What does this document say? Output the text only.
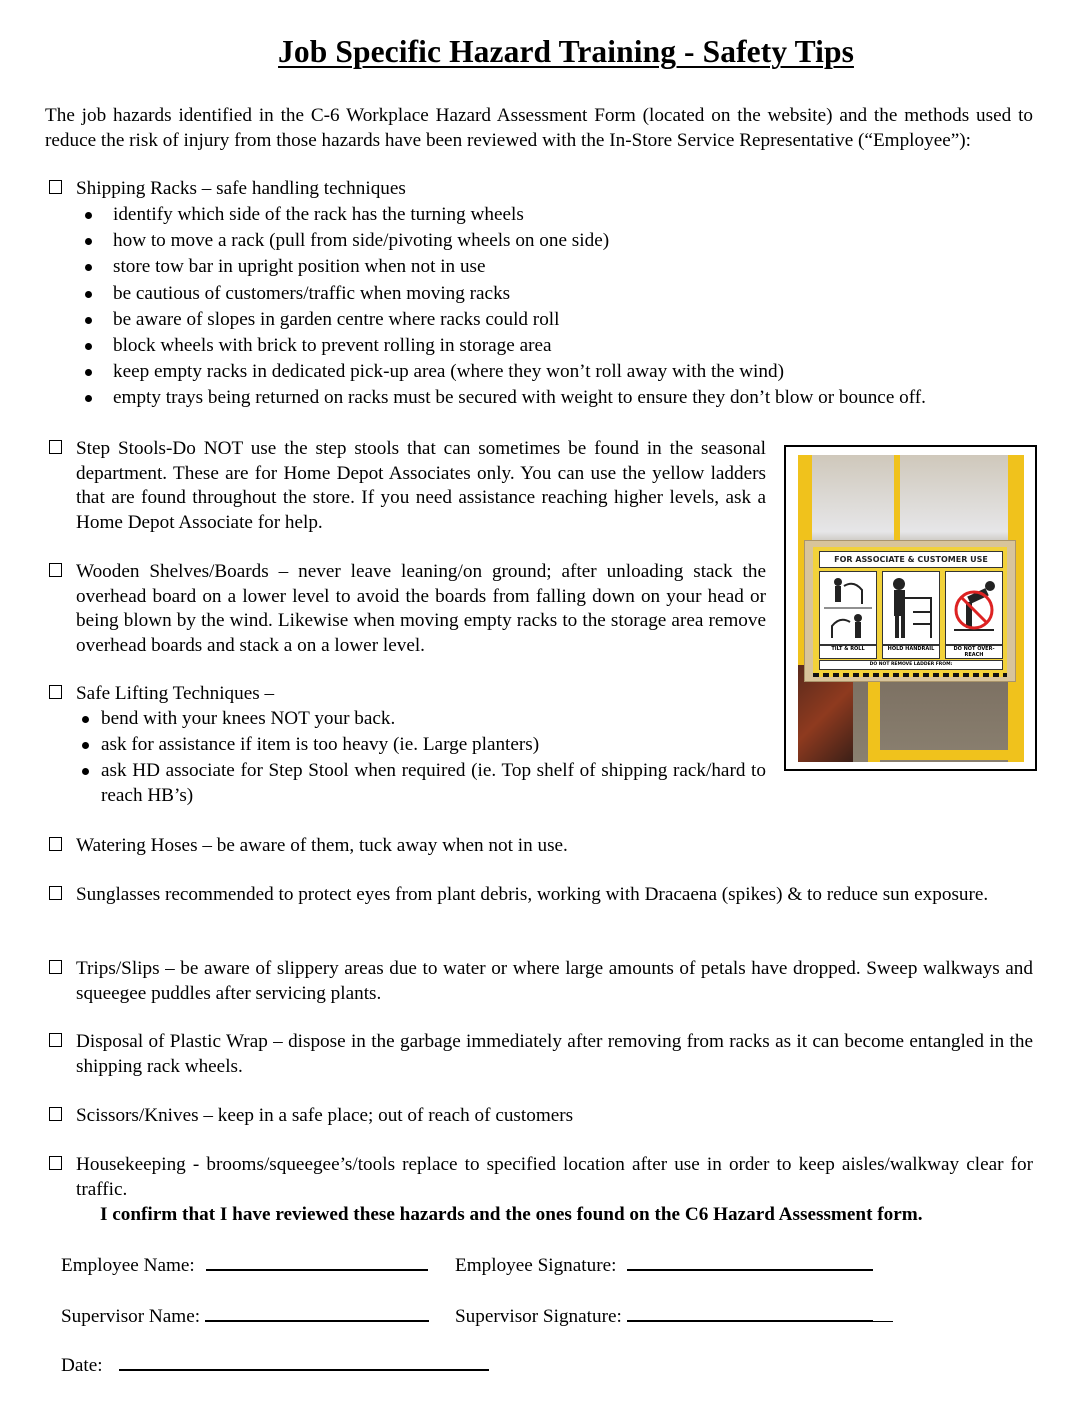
Job Specific Hazard Training - Safety Tips
The job hazards identified in the C-6 Workplace Hazard Assessment Form (located on the website) and the methods used to reduce the risk of injury from those hazards have been reviewed with the In-Store Service Representative (“Employee”):
Shipping Racks – safe handling techniques
identify which side of the rack has the turning wheels
how to move a rack (pull from side/pivoting wheels on one side)
store tow bar in upright position when not in use
be cautious of customers/traffic when moving racks
be aware of slopes in garden centre where racks could roll
block wheels with brick to prevent rolling in storage area
keep empty racks in dedicated pick-up area (where they won’t roll away with the wind)
empty trays being returned on racks must be secured with weight to ensure they don’t blow or bounce off.
Step Stools-Do NOT use the step stools that can sometimes be found in the seasonal department. These are for Home Depot Associates only. You can use the yellow ladders that are found throughout the store. If you need assistance reaching higher levels, ask a Home Depot Associate for help.
Wooden Shelves/Boards – never leave leaning/on ground; after unloading stack the overhead board on a lower level to avoid the boards from falling down on your head or being blown by the wind. Likewise when moving empty racks to the storage area remove overhead boards and stack a on a lower level.
Safe Lifting Techniques –
bend with your knees NOT your back.
ask for assistance if item is too heavy (ie. Large planters)
ask HD associate for Step Stool when required (ie. Top shelf of shipping rack/hard to reach HB’s)
Watering Hoses – be aware of them, tuck away when not in use.
Sunglasses recommended to protect eyes from plant debris, working with Dracaena (spikes) & to reduce sun exposure.
Trips/Slips – be aware of slippery areas due to water or where large amounts of petals have dropped. Sweep walkways and squeegee puddles after servicing plants.
Disposal of Plastic Wrap – dispose in the garbage immediately after removing from racks as it can become entangled in the shipping rack wheels.
Scissors/Knives – keep in a safe place; out of reach of customers
Housekeeping - brooms/squeegee’s/tools replace to specified location after use in order to keep aisles/walkway clear for traffic.
FOR ASSOCIATE & CUSTOMER USE
TILT & ROLL	HOLD HANDRAIL	DO NOT OVER-REACH
DO NOT REMOVE LADDER FROM:
I confirm that I have reviewed these hazards and the ones found on the C6 Hazard Assessment form.
Employee Name:	Employee Signature:
Supervisor Name:	Supervisor Signature:
Date:
